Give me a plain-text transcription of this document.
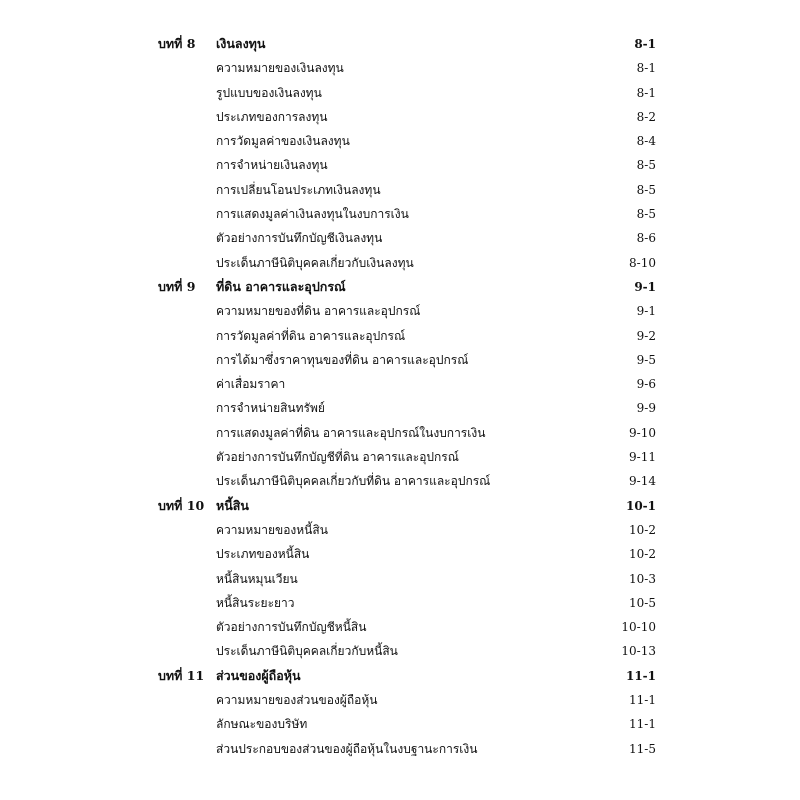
บทที่ 8 เงินลงทุน	8-1
ความหมายของเงินลงทุน	8-1
รูปแบบของเงินลงทุน	8-1
ประเภทของการลงทุน	8-2
การวัดมูลค่าของเงินลงทุน	8-4
การจำหน่ายเงินลงทุน	8-5
การเปลี่ยนโอนประเภทเงินลงทุน	8-5
การแสดงมูลค่าเงินลงทุนในงบการเงิน	8-5
ตัวอย่างการบันทึกบัญชีเงินลงทุน	8-6
ประเด็นภาษีนิติบุคคลเกี่ยวกับเงินลงทุน	8-10
บทที่ 9 ที่ดิน อาคารและอุปกรณ์	9-1
ความหมายของที่ดิน อาคารและอุปกรณ์	9-1
การวัดมูลค่าที่ดิน อาคารและอุปกรณ์	9-2
การได้มาซึ่งราคาทุนของที่ดิน อาคารและอุปกรณ์	9-5
ค่าเสื่อมราคา	9-6
การจำหน่ายสินทรัพย์	9-9
การแสดงมูลค่าที่ดิน อาคารและอุปกรณ์ในงบการเงิน	9-10
ตัวอย่างการบันทึกบัญชีที่ดิน อาคารและอุปกรณ์	9-11
ประเด็นภาษีนิติบุคคลเกี่ยวกับที่ดิน อาคารและอุปกรณ์	9-14
บทที่ 10 หนี้สิน	10-1
ความหมายของหนี้สิน	10-2
ประเภทของหนี้สิน	10-2
หนี้สินหมุนเวียน	10-3
หนี้สินระยะยาว	10-5
ตัวอย่างการบันทึกบัญชีหนี้สิน	10-10
ประเด็นภาษีนิติบุคคลเกี่ยวกับหนี้สิน	10-13
บทที่ 11 ส่วนของผู้ถือหุ้น	11-1
ความหมายของส่วนของผู้ถือหุ้น	11-1
ลักษณะของบริษัท	11-1
ส่วนประกอบของส่วนของผู้ถือหุ้นในงบฐานะการเงิน	11-5
